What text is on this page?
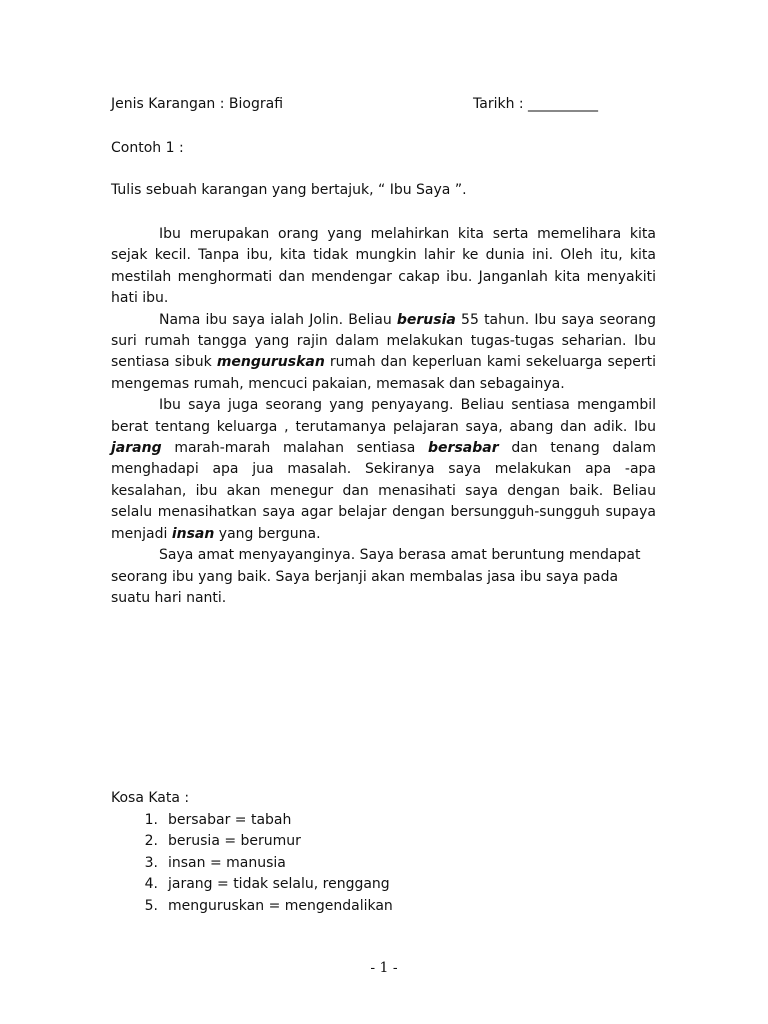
Jenis Karangan : Biografi	Tarikh : __________
Contoh 1 :
Tulis sebuah karangan yang bertajuk, “ Ibu Saya ”.

Ibu merupakan orang yang melahirkan kita serta memelihara kita sejak kecil. Tanpa ibu, kita tidak mungkin lahir ke dunia ini. Oleh itu, kita mestilah menghormati dan mendengar cakap ibu. Janganlah kita menyakiti hati ibu.

Nama ibu saya ialah Jolin. Beliau berusia 55 tahun. Ibu saya seorang suri rumah tangga yang rajin dalam melakukan tugas-tugas seharian. Ibu sentiasa sibuk menguruskan rumah dan keperluan kami sekeluarga seperti mengemas rumah, mencuci pakaian, memasak dan sebagainya.

Ibu saya juga seorang yang penyayang. Beliau sentiasa mengambil berat tentang keluarga , terutamanya pelajaran saya, abang dan adik. Ibu jarang marah-marah malahan sentiasa bersabar dan tenang dalam menghadapi apa jua masalah. Sekiranya saya melakukan apa -apa kesalahan, ibu akan menegur dan menasihati saya dengan baik. Beliau selalu menasihatkan saya agar belajar dengan bersungguh-sungguh supaya menjadi insan yang berguna.

Saya amat menyayanginya. Saya berasa amat beruntung mendapat seorang ibu yang baik. Saya berjanji akan membalas jasa ibu saya pada suatu hari nanti.

Kosa Kata :

1. bersabar = tabah
2. berusia = berumur
3. insan = manusia
4. jarang = tidak selalu, renggang
5. menguruskan = mengendalikan
- 1 -
